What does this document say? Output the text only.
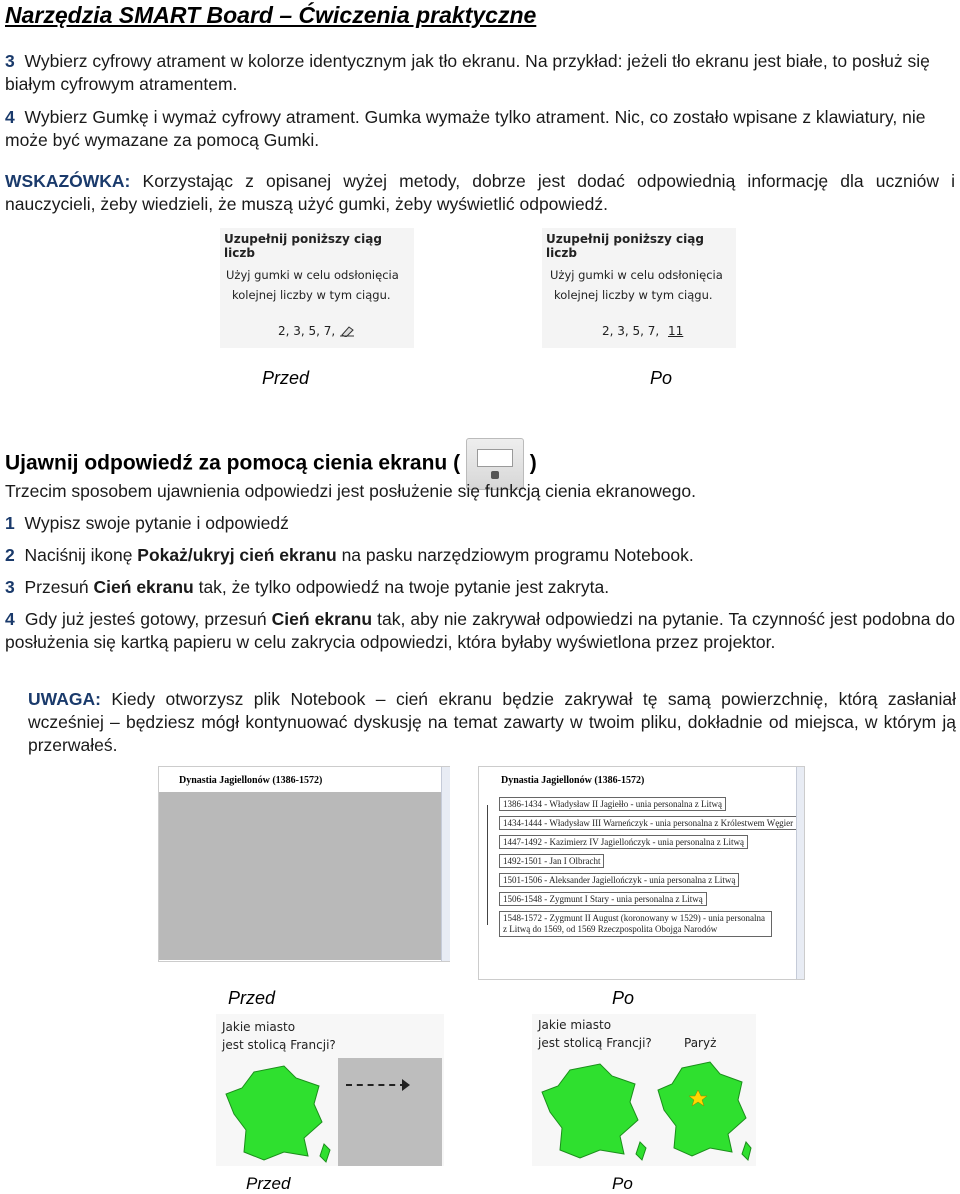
Narzędzia SMART Board – Ćwiczenia praktyczne
3 Wybierz cyfrowy atrament w kolorze identycznym jak tło ekranu. Na przykład: jeżeli tło ekranu jest białe, to posłuż się białym cyfrowym atramentem.
4 Wybierz Gumkę i wymaż cyfrowy atrament. Gumka wymaże tylko atrament. Nic, co zostało wpisane z klawiatury, nie może być wymazane za pomocą Gumki.
WSKAZÓWKA: Korzystając z opisanej wyżej metody, dobrze jest dodać odpowiednią informację dla uczniów i nauczycieli, żeby wiedzieli, że muszą użyć gumki, żeby wyświetlić odpowiedź.
Uzupełnij poniższy ciąg liczb
Użyj gumki w celu odsłonięcia
kolejnej liczby w tym ciągu.
2, 3, 5, 7,
Uzupełnij poniższy ciąg liczb
Użyj gumki w celu odsłonięcia
kolejnej liczby w tym ciągu.
2, 3, 5, 7, 11
Przed	Po
Ujawnij odpowiedź za pomocą cienia ekranu (	)
Trzecim sposobem ujawnienia odpowiedzi jest posłużenie się funkcją cienia ekranowego.
1 Wypisz swoje pytanie i odpowiedź
2 Naciśnij ikonę Pokaż/ukryj cień ekranu na pasku narzędziowym programu Notebook.
3 Przesuń Cień ekranu tak, że tylko odpowiedź na twoje pytanie jest zakryta.
4 Gdy już jesteś gotowy, przesuń Cień ekranu tak, aby nie zakrywał odpowiedzi na pytanie. Ta czynność jest podobna do posłużenia się kartką papieru w celu zakrycia odpowiedzi, która byłaby wyświetlona przez projektor.
UWAGA: Kiedy otworzysz plik Notebook – cień ekranu będzie zakrywał tę samą powierzchnię, którą zasłaniał wcześniej – będziesz mógł kontynuować dyskusję na temat zawarty w twoim pliku, dokładnie od miejsca, w którym ją przerwałeś.
Dynastia Jagiellonów (1386-1572)	Dynastia Jagiellonów (1386-1572)
1386-1434 - Władysław II Jagiełło - unia personalna z Litwą
1434-1444 - Władysław III Warneńczyk - unia personalna z Królestwem Węgier
1447-1492 - Kazimierz IV Jagiellończyk - unia personalna z Litwą
1492-1501 - Jan I Olbracht
1501-1506 - Aleksander Jagiellończyk - unia personalna z Litwą
1506-1548 - Zygmunt I Stary - unia personalna z Litwą
1548-1572 - Zygmunt II August (koronowany w 1529) - unia personalna z Litwą do 1569, od 1569 Rzeczpospolita Obojga Narodów
Przed	Po
Jakie miasto
jest stolicą Francji?
Jakie miasto
jest stolicą Francji?	Paryż
Przed	Po
